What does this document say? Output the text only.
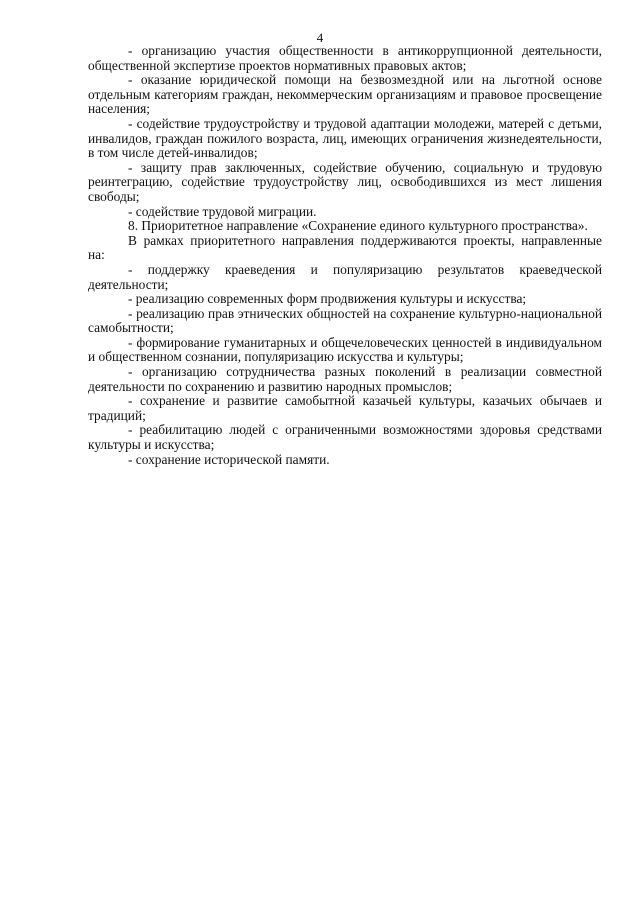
4

- организацию участия общественности в антикоррупционной деятельности, общественной экспертизе проектов нормативных правовых актов;

- оказание юридической помощи на безвозмездной или на льготной основе отдельным категориям граждан, некоммерческим организациям и правовое просвещение населения;

- содействие трудоустройству и трудовой адаптации молодежи, матерей с детьми, инвалидов, граждан пожилого возраста, лиц, имеющих ограничения жизнедеятельности, в том числе детей-инвалидов;

- защиту прав заключенных, содействие обучению, социальную и трудовую реинтеграцию, содействие трудоустройству лиц, освободившихся из мест лишения свободы;

- содействие трудовой миграции.

8. Приоритетное направление «Сохранение единого культурного пространства».

В рамках приоритетного направления поддерживаются проекты, направленные на:

- поддержку краеведения и популяризацию результатов краеведческой деятельности;

- реализацию современных форм продвижения культуры и искусства;

- реализацию прав этнических общностей на сохранение культурно-национальной самобытности;

- формирование гуманитарных и общечеловеческих ценностей в индивидуальном и общественном сознании, популяризацию искусства и культуры;

- организацию сотрудничества разных поколений в реализации совместной деятельности по сохранению и развитию народных промыслов;

- сохранение и развитие самобытной казачьей культуры, казачьих обычаев и традиций;

- реабилитацию людей с ограниченными возможностями здоровья средствами культуры и искусства;

- сохранение исторической памяти.
